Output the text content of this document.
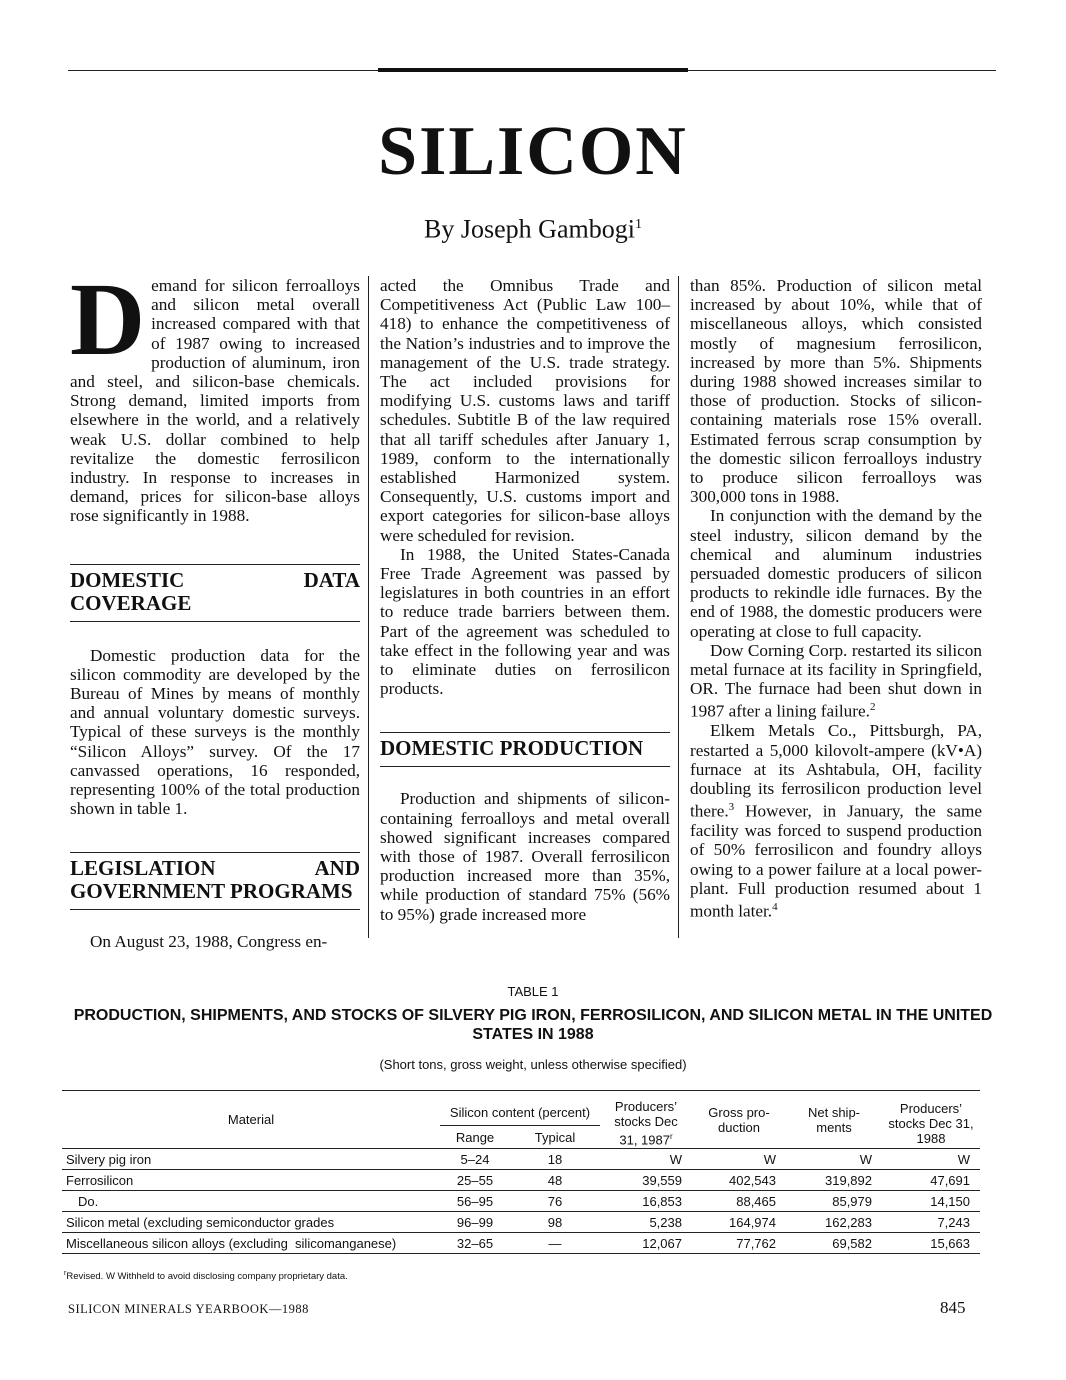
SILICON
By Joseph Gambogi$^1$

Demand for silicon ferroalloys and silicon metal overall increased compared with that of 1987 owing to increased production of aluminum, iron and steel, and silicon-base chemicals. Strong demand, limited imports from elsewhere in the world, and a relatively weak U.S. dollar combined to help revitalize the domestic ferrosilicon industry. In response to increases in demand, prices for silicon-base alloys rose significantly in 1988.

DOMESTIC DATA COVERAGE

Domestic production data for the silicon commodity are developed by the Bureau of Mines by means of monthly and annual voluntary domestic surveys. Typical of these surveys is the monthly “Silicon Alloys” survey. Of the 17 canvassed operations, 16 responded, representing 100% of the total production shown in table 1.

LEGISLATION AND GOVERNMENT PROGRAMS

On August 23, 1988, Congress en-

acted the Omnibus Trade and Competitiveness Act (Public Law 100–418) to enhance the competitiveness of the Nation’s industries and to improve the management of the U.S. trade strategy. The act included provisions for modifying U.S. customs laws and tariff schedules. Subtitle B of the law required that all tariff schedules after January 1, 1989, conform to the internationally established Harmonized system. Consequently, U.S. customs import and export categories for silicon-base alloys were scheduled for revision.

In 1988, the United States-Canada Free Trade Agreement was passed by legislatures in both countries in an effort to reduce trade barriers between them. Part of the agreement was scheduled to take effect in the following year and was to eliminate duties on ferrosilicon products.

DOMESTIC PRODUCTION

Production and shipments of silicon-containing ferroalloys and metal overall showed significant increases compared with those of 1987. Overall ferrosilicon production increased more than 35%, while production of standard 75% (56% to 95%) grade increased more

than 85%. Production of silicon metal increased by about 10%, while that of miscellaneous alloys, which consisted mostly of magnesium ferrosilicon, increased by more than 5%. Shipments during 1988 showed increases similar to those of production. Stocks of silicon-containing materials rose 15% overall. Estimated ferrous scrap consumption by the domestic silicon ferroalloys industry to produce silicon ferroalloys was 300,000 tons in 1988.

In conjunction with the demand by the steel industry, silicon demand by the chemical and aluminum industries persuaded domestic producers of silicon products to rekindle idle furnaces. By the end of 1988, the domestic producers were operating at close to full capacity.

Dow Corning Corp. restarted its silicon metal furnace at its facility in Springfield, OR. The furnace had been shut down in 1987 after a lining failure.$^2$

Elkem Metals Co., Pittsburgh, PA, restarted a 5,000 kilovolt-ampere (kV•A) furnace at its Ashtabula, OH, facility doubling its ferrosilicon production level there.$^3$ However, in January, the same facility was forced to suspend production of 50% ferrosilicon and foundry alloys owing to a power failure at a local power-plant. Full production resumed about 1 month later.$^4$

TABLE 1
PRODUCTION, SHIPMENTS, AND STOCKS OF SILVERY PIG IRON, FERROSILICON, AND SILICON METAL IN THE UNITED STATES IN 1988
(Short tons, gross weight, unless otherwise specified)
Material	Silicon content (percent)		Producers’ stocks Dec 31, 1987$^r$	Gross pro- duction	Net ship- ments	Producers’ stocks Dec 31, 1988
	Range	Typical				
Silvery pig iron	5–24	18	W	W	W	W
Ferrosilicon	25–55	48	39,559	402,543	319,892	47,691
Do.	56–95	76	16,853	88,465	85,979	14,150
Silicon metal (excluding semiconductor grades	96–99	98	5,238	164,974	162,283	7,243
Miscellaneous silicon alloys (excluding  silicomanganese)	32–65	—	12,067	77,762	69,582	15,663
$^r$Revised. W Withheld to avoid disclosing company proprietary data.
SILICON MINERALS YEARBOOK—1988	845
